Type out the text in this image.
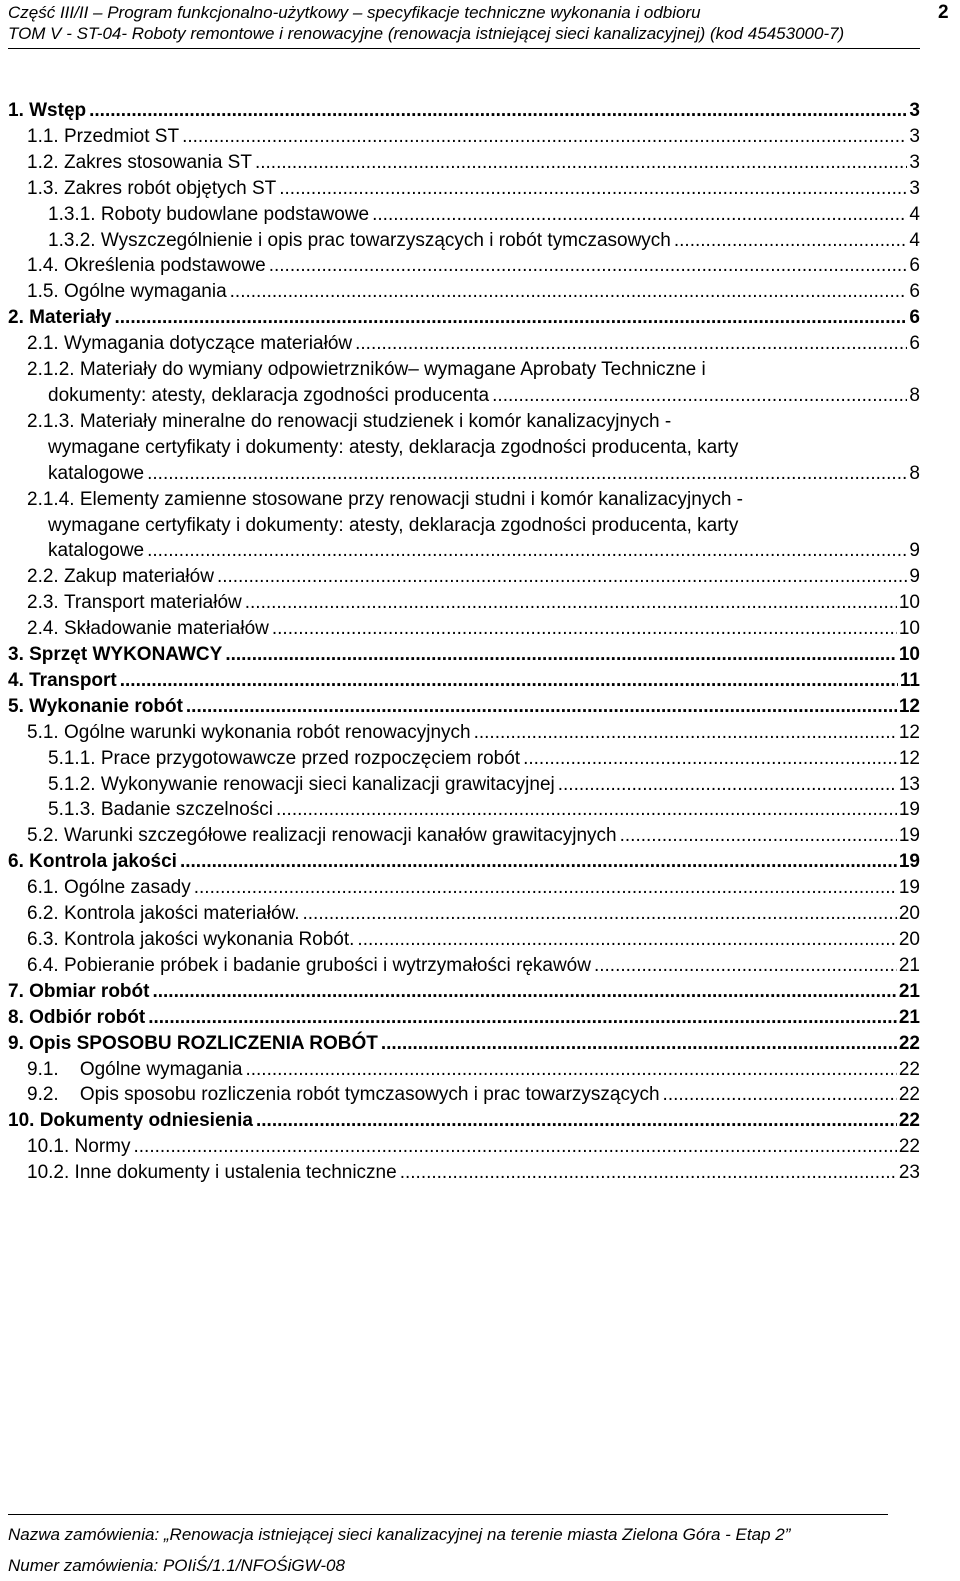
Część III/II – Program funkcjonalno-użytkowy – specyfikacje techniczne wykonania i odbioru
TOM V - ST-04- Roboty remontowe i renowacyjne (renowacja istniejącej sieci kanalizacyjnej) (kod 45453000-7)
2
1. Wstęp .....	3
1.1. Przedmiot ST .....	3
1.2. Zakres stosowania ST .....	3
1.3. Zakres robót objętych ST .....	3
1.3.1. Roboty budowlane podstawowe .....	4
1.3.2. Wyszczególnienie i opis prac towarzyszących i robót tymczasowych .....	4
1.4. Określenia podstawowe .....	6
1.5. Ogólne wymagania .....	6
2. Materiały .....	6
2.1. Wymagania dotyczące materiałów .....	6
2.1.2. Materiały do wymiany odpowietrzników– wymagane Aprobaty Techniczne i
dokumenty: atesty, deklaracja zgodności producenta .....	8
2.1.3. Materiały mineralne do renowacji studzienek i komór kanalizacyjnych -
wymagane certyfikaty i dokumenty: atesty, deklaracja zgodności producenta, karty
katalogowe .....	8
2.1.4. Elementy zamienne stosowane przy renowacji studni i komór kanalizacyjnych -
wymagane certyfikaty i dokumenty: atesty, deklaracja zgodności producenta, karty
katalogowe .....	9
2.2. Zakup materiałów .....	9
2.3. Transport materiałów .....	10
2.4. Składowanie materiałów .....	10
3. Sprzęt WYKONAWCY .....	10
4. Transport .....	11
5. Wykonanie robót .....	12
5.1. Ogólne warunki wykonania robót renowacyjnych .....	12
5.1.1. Prace przygotowawcze przed rozpoczęciem robót .....	12
5.1.2. Wykonywanie renowacji sieci kanalizacji grawitacyjnej .....	13
5.1.3. Badanie szczelności .....	19
5.2. Warunki szczegółowe realizacji renowacji kanałów grawitacyjnych .....	19
6. Kontrola jakości .....	19
6.1. Ogólne zasady .....	19
6.2. Kontrola jakości materiałów. .....	20
6.3. Kontrola jakości wykonania Robót. .....	20
6.4. Pobieranie próbek i badanie grubości i wytrzymałości rękawów .....	21
7. Obmiar robót .....	21
8. Odbiór robót .....	21
9. Opis SPOSOBU ROZLICZENIA ROBÓT .....	22
9.1. Ogólne wymagania .....	22
9.2. Opis sposobu rozliczenia robót tymczasowych i prac towarzyszących .....	22
10. Dokumenty odniesienia .....	22
10.1. Normy .....	22
10.2. Inne dokumenty i ustalenia techniczne .....	23
Nazwa zamówienia: „Renowacja istniejącej sieci kanalizacyjnej na terenie miasta Zielona Góra - Etap 2”
Numer zamówienia: POIiŚ/1.1/NFOŚiGW-08
